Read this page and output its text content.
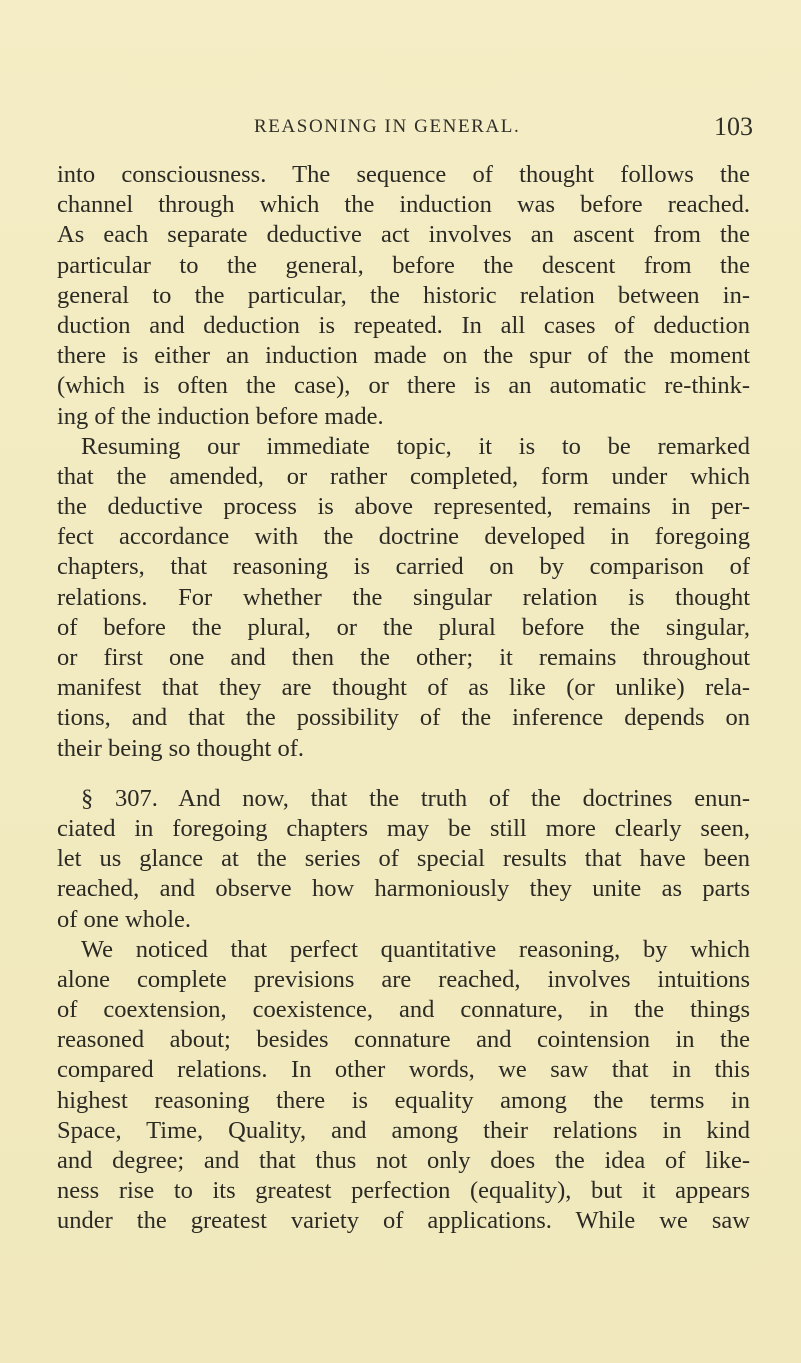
REASONING IN GENERAL.	103
into consciousness. The sequence of thought follows the
channel through which the induction was before reached.
As each separate deductive act involves an ascent from the
particular to the general, before the descent from the
general to the particular, the historic relation between in-
duction and deduction is repeated. In all cases of deduction
there is either an induction made on the spur of the moment
(which is often the case), or there is an automatic re-think-
ing of the induction before made.
Resuming our immediate topic, it is to be remarked
that the amended, or rather completed, form under which
the deductive process is above represented, remains in per-
fect accordance with the doctrine developed in foregoing
chapters, that reasoning is carried on by comparison of
relations. For whether the singular relation is thought
of before the plural, or the plural before the singular,
or first one and then the other; it remains throughout
manifest that they are thought of as like (or unlike) rela-
tions, and that the possibility of the inference depends on
their being so thought of.
§ 307. And now, that the truth of the doctrines enun-
ciated in foregoing chapters may be still more clearly seen,
let us glance at the series of special results that have been
reached, and observe how harmoniously they unite as parts
of one whole.
We noticed that perfect quantitative reasoning, by which
alone complete previsions are reached, involves intuitions
of coextension, coexistence, and connature, in the things
reasoned about; besides connature and cointension in the
compared relations. In other words, we saw that in this
highest reasoning there is equality among the terms in
Space, Time, Quality, and among their relations in kind
and degree; and that thus not only does the idea of like-
ness rise to its greatest perfection (equality), but it appears
under the greatest variety of applications. While we saw
